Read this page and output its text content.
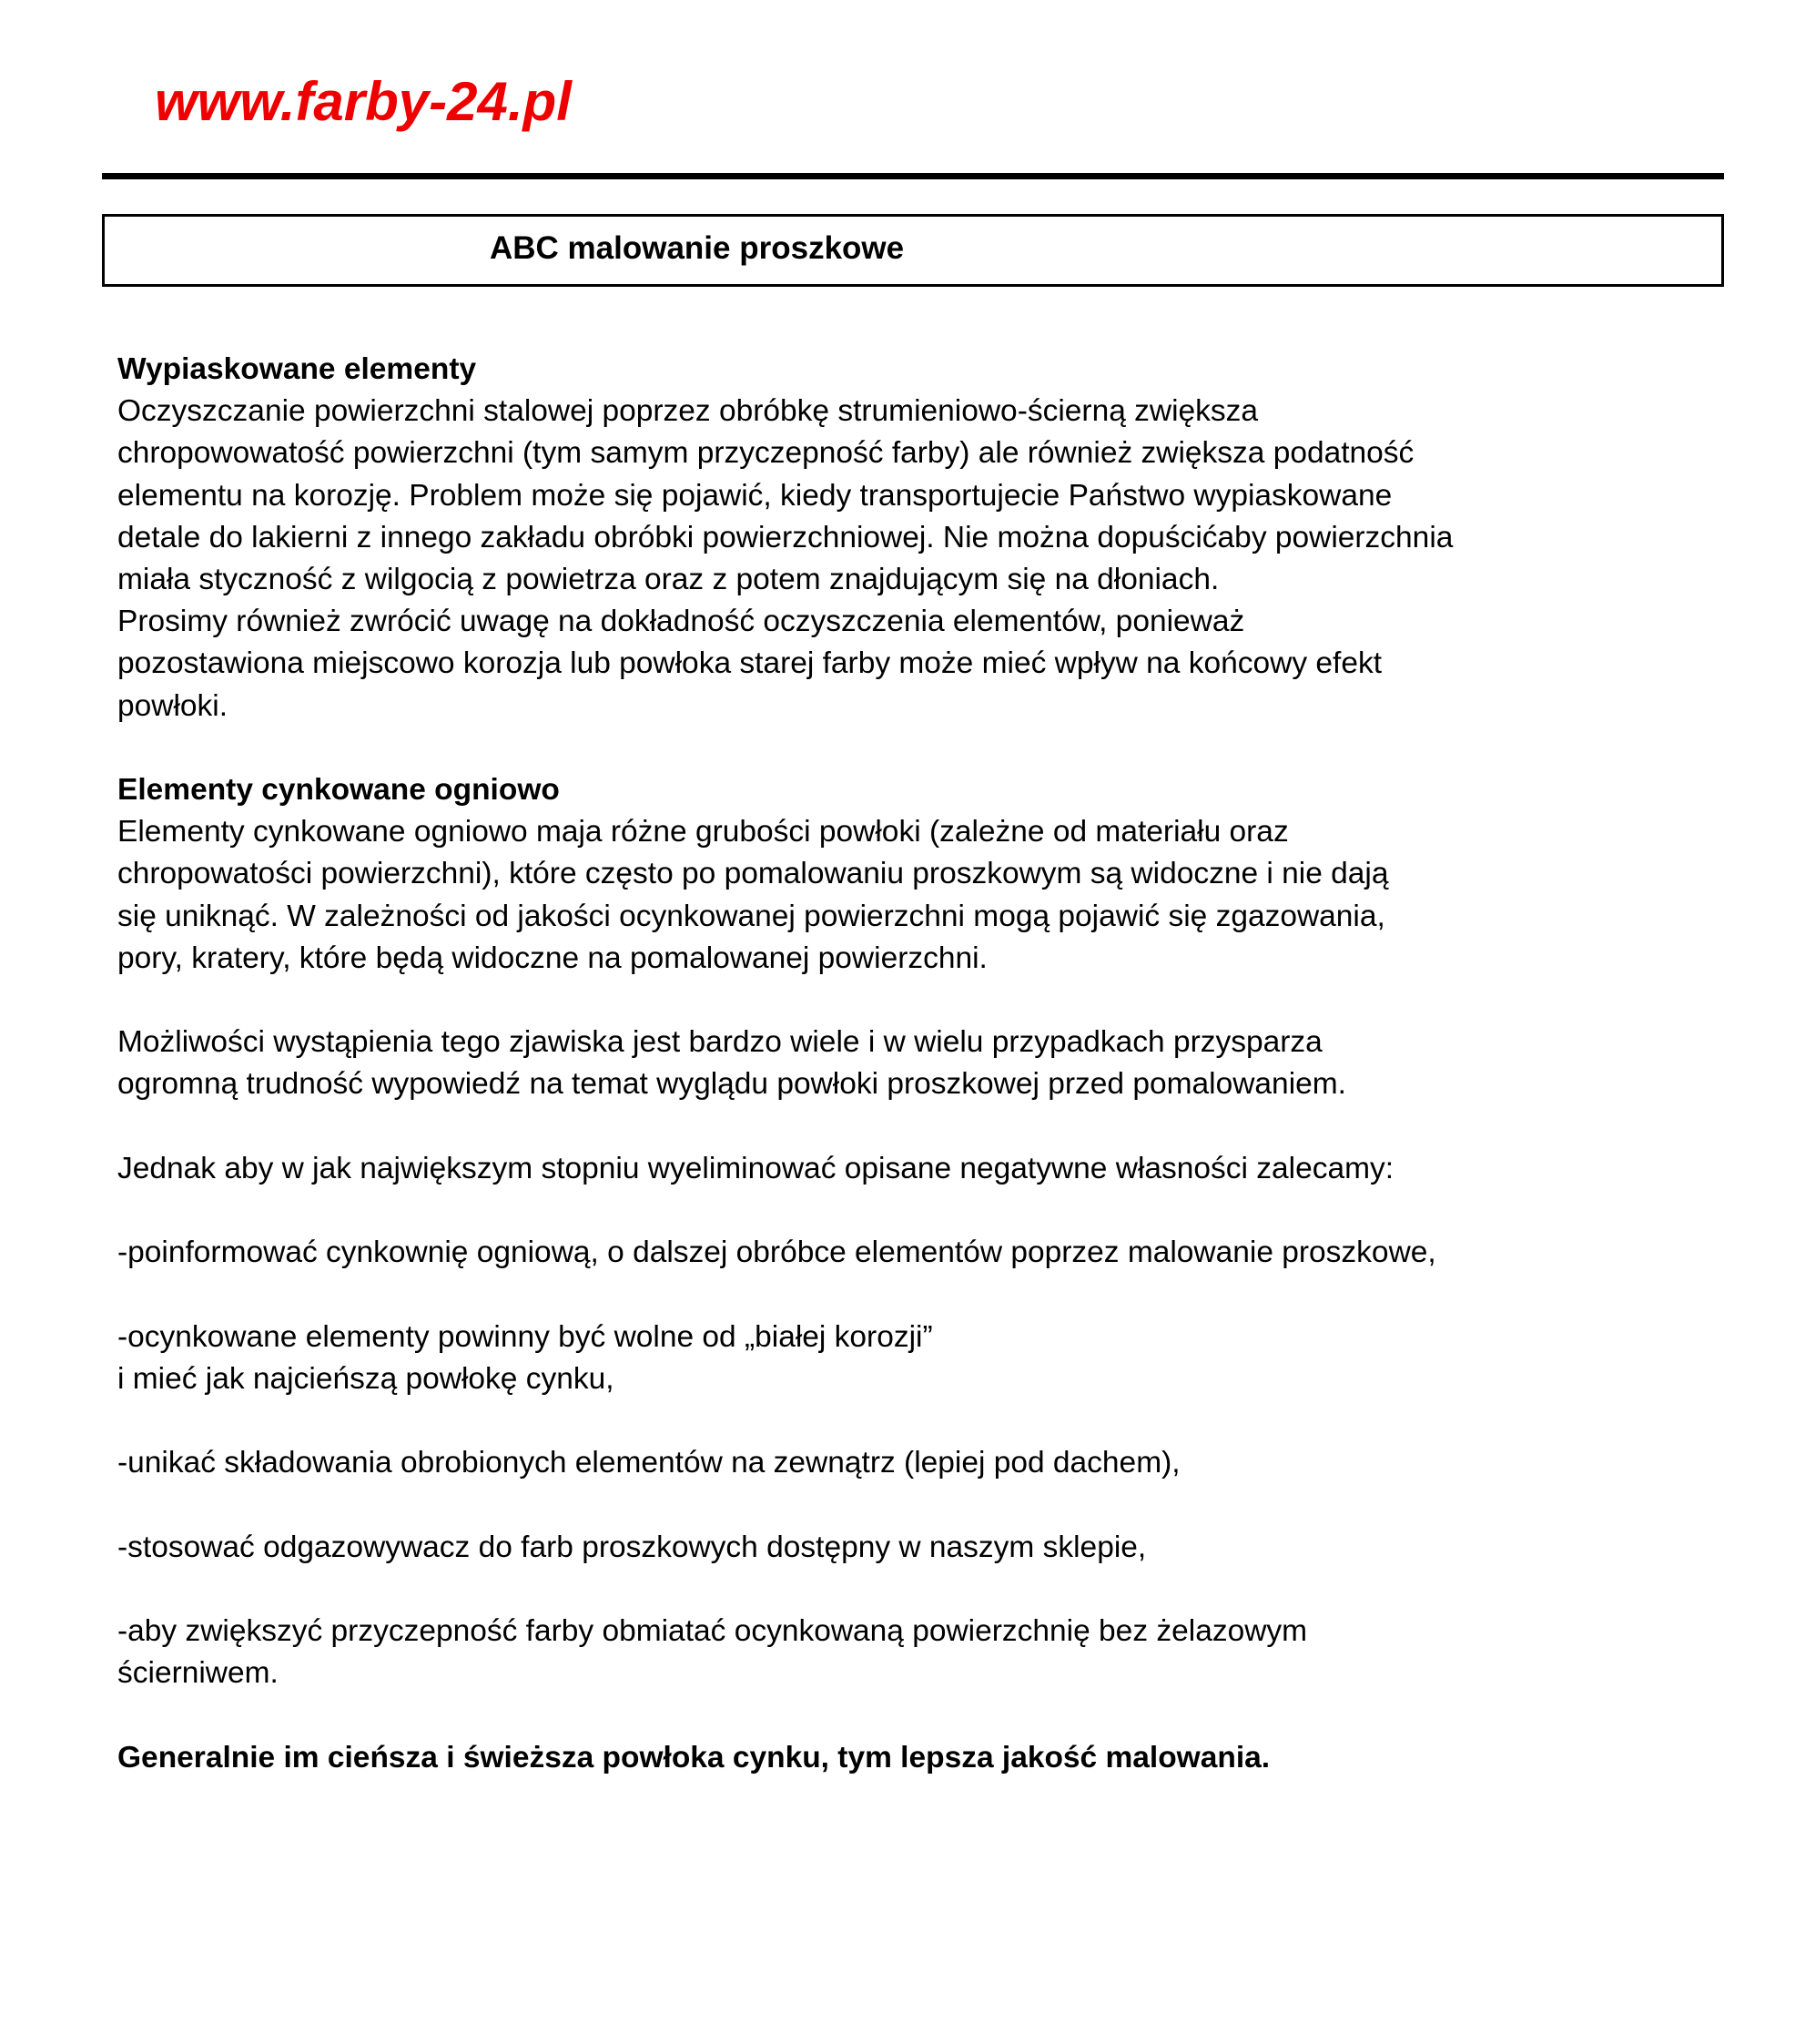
www.farby-24.pl
ABC malowanie proszkowe

Wypiaskowane elementy

Oczyszczanie powierzchni stalowej poprzez obróbkę strumieniowo-ścierną zwiększa

chropowowatość powierzchni (tym samym przyczepność farby) ale również zwiększa podatność

elementu na korozję. Problem może się pojawić, kiedy transportujecie Państwo wypiaskowane

detale do lakierni z innego zakładu obróbki powierzchniowej. Nie można dopuścićaby powierzchnia

miała styczność z wilgocią z powietrza oraz z potem znajdującym się na dłoniach.

Prosimy również zwrócić uwagę na dokładność oczyszczenia elementów, ponieważ

pozostawiona miejscowo korozja lub powłoka starej farby może mieć wpływ na końcowy efekt

powłoki.

Elementy cynkowane ogniowo

Elementy cynkowane ogniowo maja różne grubości powłoki (zależne od materiału oraz

chropowatości powierzchni), które często po pomalowaniu proszkowym są widoczne i nie dają

się uniknąć. W zależności od jakości ocynkowanej powierzchni mogą pojawić się zgazowania,

pory, kratery, które będą widoczne na pomalowanej powierzchni.

Możliwości wystąpienia tego zjawiska jest bardzo wiele i w wielu przypadkach przysparza

ogromną trudność wypowiedź na temat wyglądu powłoki proszkowej przed pomalowaniem.

Jednak aby w jak największym stopniu wyeliminować opisane negatywne własności zalecamy:

-poinformować cynkownię ogniową, o dalszej obróbce elementów poprzez malowanie proszkowe,

-ocynkowane elementy powinny być wolne od „białej korozji”

i mieć jak najcieńszą powłokę cynku,

-unikać składowania obrobionych elementów na zewnątrz (lepiej pod dachem),

-stosować odgazowywacz do farb proszkowych dostępny w naszym sklepie,

-aby zwiększyć przyczepność farby obmiatać ocynkowaną powierzchnię bez żelazowym

ścierniwem.

Generalnie im cieńsza i świeższa powłoka cynku, tym lepsza jakość malowania.
